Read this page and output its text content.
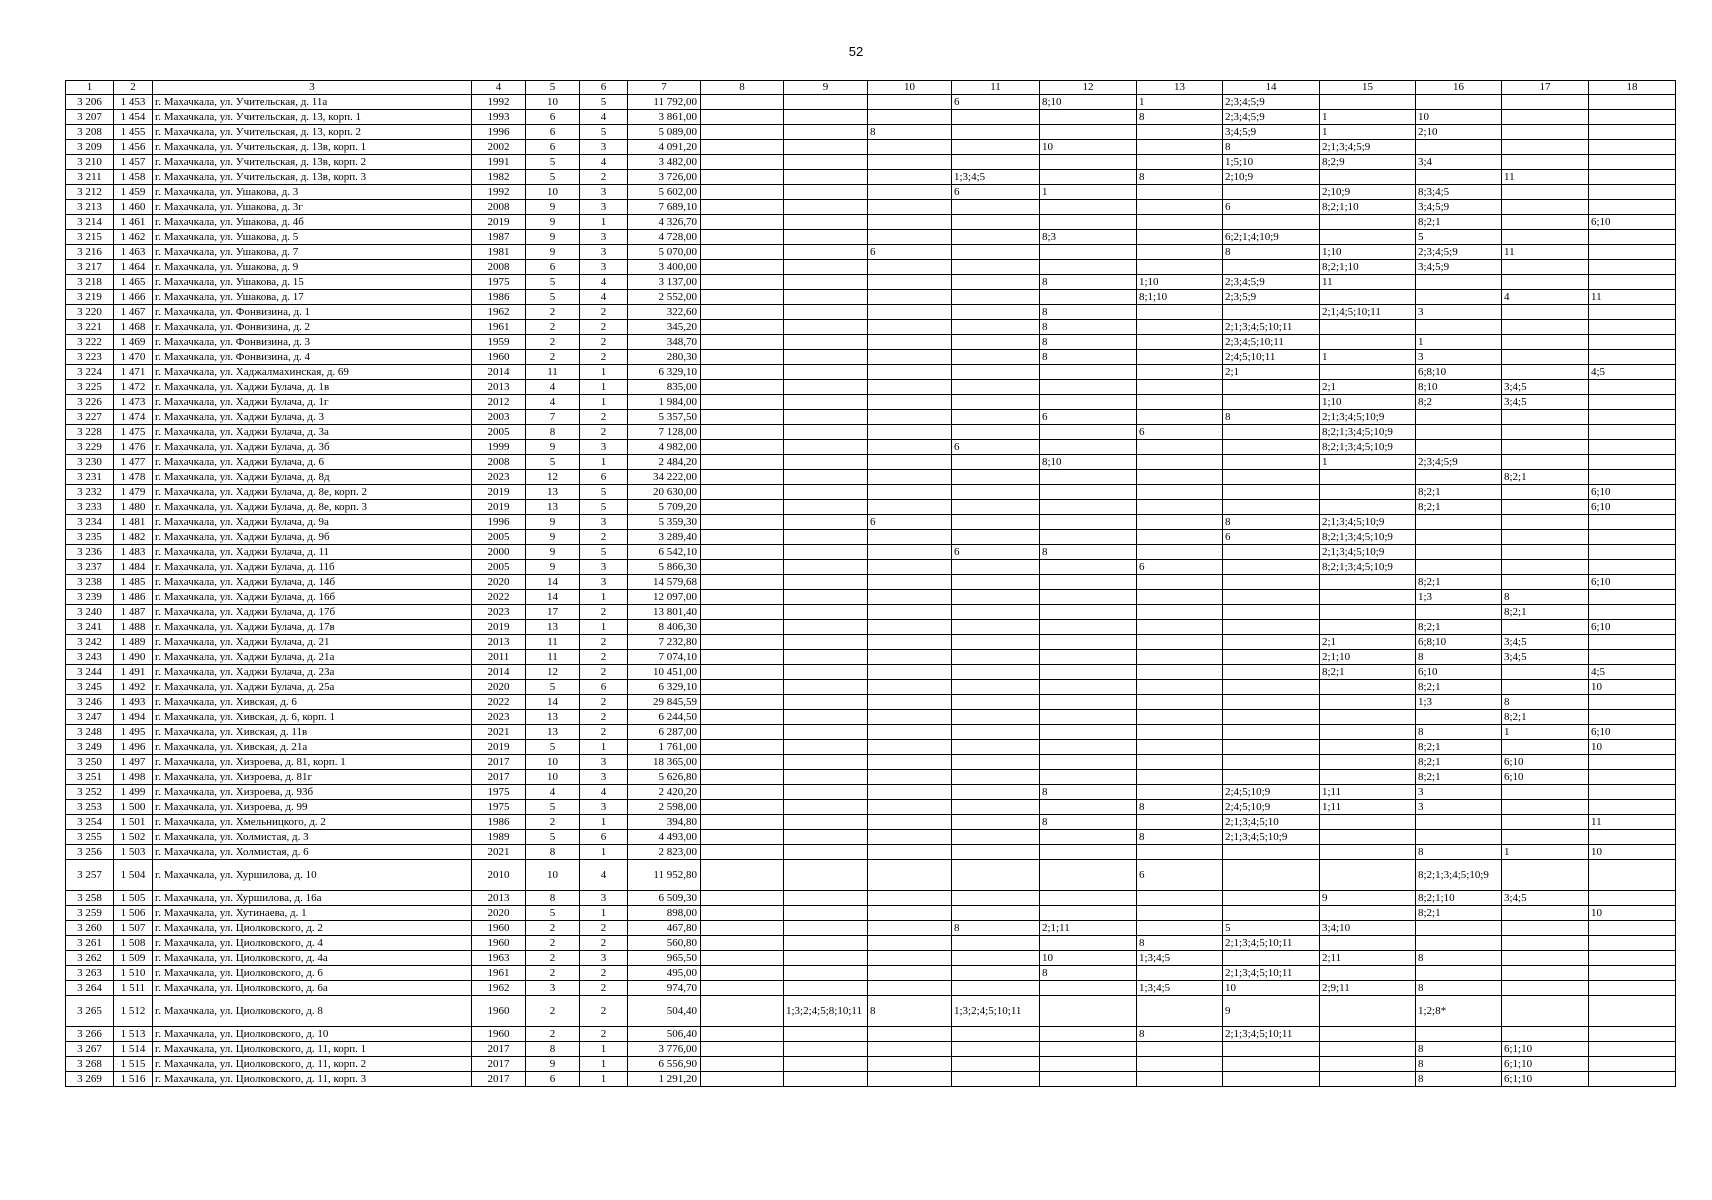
52
1	2	3	4	5	6	7	8	9	10	11	12	13	14	15	16	17	18
3 206	1 453	г. Махачкала, ул. Учительская, д. 11а	1992	10	5	11 792,00				6	8;10	1	2;3;4;5;9				
3 207	1 454	г. Махачкала, ул. Учительская, д. 13, корп. 1	1993	6	4	3 861,00						8	2;3;4;5;9	1	10		
3 208	1 455	г. Махачкала, ул. Учительская, д. 13, корп. 2	1996	6	5	5 089,00			8				3;4;5;9	1	2;10		
3 209	1 456	г. Махачкала, ул. Учительская, д. 13в, корп. 1	2002	6	3	4 091,20					10		8	2;1;3;4;5;9			
3 210	1 457	г. Махачкала, ул. Учительская, д. 13в, корп. 2	1991	5	4	3 482,00							1;5;10	8;2;9	3;4		
3 211	1 458	г. Махачкала, ул. Учительская, д. 13в, корп. 3	1982	5	2	3 726,00				1;3;4;5		8	2;10;9			11	
3 212	1 459	г. Махачкала, ул. Ушакова, д. 3	1992	10	3	5 602,00				6	1			2;10;9	8;3;4;5		
3 213	1 460	г. Махачкала, ул. Ушакова, д. 3г	2008	9	3	7 689,10							6	8;2;1;10	3;4;5;9		
3 214	1 461	г. Махачкала, ул. Ушакова, д. 4б	2019	9	1	4 326,70									8;2;1		6;10
3 215	1 462	г. Махачкала, ул. Ушакова, д. 5	1987	9	3	4 728,00					8;3		6;2;1;4;10;9		5		
3 216	1 463	г. Махачкала, ул. Ушакова, д. 7	1981	9	3	5 070,00			6				8	1;10	2;3;4;5;9	11	
3 217	1 464	г. Махачкала, ул. Ушакова, д. 9	2008	6	3	3 400,00								8;2;1;10	3;4;5;9		
3 218	1 465	г. Махачкала, ул. Ушакова, д. 15	1975	5	4	3 137,00					8	1;10	2;3;4;5;9	11			
3 219	1 466	г. Махачкала, ул. Ушакова, д. 17	1986	5	4	2 552,00						8;1;10	2;3;5;9			4	11
3 220	1 467	г. Махачкала, ул. Фонвизина, д. 1	1962	2	2	322,60					8			2;1;4;5;10;11	3		
3 221	1 468	г. Махачкала, ул. Фонвизина, д. 2	1961	2	2	345,20					8		2;1;3;4;5;10;11				
3 222	1 469	г. Махачкала, ул. Фонвизина, д. 3	1959	2	2	348,70					8		2;3;4;5;10;11		1		
3 223	1 470	г. Махачкала, ул. Фонвизина, д. 4	1960	2	2	280,30					8		2;4;5;10;11	1	3		
3 224	1 471	г. Махачкала, ул. Хаджалмахинская, д. 69	2014	11	1	6 329,10							2;1		6;8;10		4;5
3 225	1 472	г. Махачкала, ул. Хаджи Булача, д. 1в	2013	4	1	835,00								2;1	8;10	3;4;5	
3 226	1 473	г. Махачкала, ул. Хаджи Булача, д. 1г	2012	4	1	1 984,00								1;10	8;2	3;4;5	
3 227	1 474	г. Махачкала, ул. Хаджи Булача, д. 3	2003	7	2	5 357,50					6		8	2;1;3;4;5;10;9			
3 228	1 475	г. Махачкала, ул. Хаджи Булача, д. 3а	2005	8	2	7 128,00						6		8;2;1;3;4;5;10;9			
3 229	1 476	г. Махачкала, ул. Хаджи Булача, д. 3б	1999	9	3	4 982,00				6				8;2;1;3;4;5;10;9			
3 230	1 477	г. Махачкала, ул. Хаджи Булача, д. 6	2008	5	1	2 484,20					8;10			1	2;3;4;5;9		
3 231	1 478	г. Махачкала, ул. Хаджи Булача, д. 8д	2023	12	6	34 222,00										8;2;1	
3 232	1 479	г. Махачкала, ул. Хаджи Булача, д. 8е, корп. 2	2019	13	5	20 630,00									8;2;1		6;10
3 233	1 480	г. Махачкала, ул. Хаджи Булача, д. 8е, корп. 3	2019	13	5	5 709,20									8;2;1		6;10
3 234	1 481	г. Махачкала, ул. Хаджи Булача, д. 9а	1996	9	3	5 359,30			6				8	2;1;3;4;5;10;9			
3 235	1 482	г. Махачкала, ул. Хаджи Булача, д. 9б	2005	9	2	3 289,40							6	8;2;1;3;4;5;10;9			
3 236	1 483	г. Махачкала, ул. Хаджи Булача, д. 11	2000	9	5	6 542,10				6	8			2;1;3;4;5;10;9			
3 237	1 484	г. Махачкала, ул. Хаджи Булача, д. 11б	2005	9	3	5 866,30						6		8;2;1;3;4;5;10;9			
3 238	1 485	г. Махачкала, ул. Хаджи Булача, д. 14б	2020	14	3	14 579,68									8;2;1		6;10
3 239	1 486	г. Махачкала, ул. Хаджи Булача, д. 16б	2022	14	1	12 097,00									1;3	8	
3 240	1 487	г. Махачкала, ул. Хаджи Булача, д. 17б	2023	17	2	13 801,40										8;2;1	
3 241	1 488	г. Махачкала, ул. Хаджи Булача, д. 17в	2019	13	1	8 406,30									8;2;1		6;10
3 242	1 489	г. Махачкала, ул. Хаджи Булача, д. 21	2013	11	2	7 232,80								2;1	6;8;10	3;4;5	
3 243	1 490	г. Махачкала, ул. Хаджи Булача, д. 21а	2011	11	2	7 074,10								2;1;10	8	3;4;5	
3 244	1 491	г. Махачкала, ул. Хаджи Булача, д. 23а	2014	12	2	10 451,00								8;2;1	6;10		4;5
3 245	1 492	г. Махачкала, ул. Хаджи Булача, д. 25а	2020	5	6	6 329,10									8;2;1		10
3 246	1 493	г. Махачкала, ул. Хивская, д. 6	2022	14	2	29 845,59									1;3	8	
3 247	1 494	г. Махачкала, ул. Хивская, д. 6, корп. 1	2023	13	2	6 244,50										8;2;1	
3 248	1 495	г. Махачкала, ул. Хивская, д. 11в	2021	13	2	6 287,00									8	1	6;10
3 249	1 496	г. Махачкала, ул. Хивская, д. 21а	2019	5	1	1 761,00									8;2;1		10
3 250	1 497	г. Махачкала, ул. Хизроева, д. 81, корп. 1	2017	10	3	18 365,00									8;2;1	6;10	
3 251	1 498	г. Махачкала, ул. Хизроева, д. 81г	2017	10	3	5 626,80									8;2;1	6;10	
3 252	1 499	г. Махачкала, ул. Хизроева, д. 93б	1975	4	4	2 420,20					8		2;4;5;10;9	1;11	3		
3 253	1 500	г. Махачкала, ул. Хизроева, д. 99	1975	5	3	2 598,00						8	2;4;5;10;9	1;11	3		
3 254	1 501	г. Махачкала, ул. Хмельницкого, д. 2	1986	2	1	394,80					8		2;1;3;4;5;10				11
3 255	1 502	г. Махачкала, ул. Холмистая, д. 3	1989	5	6	4 493,00						8	2;1;3;4;5;10;9				
3 256	1 503	г. Махачкала, ул. Холмистая, д. 6	2021	8	1	2 823,00									8	1	10
3 257	1 504	г. Махачкала, ул. Хуршилова, д. 10	2010	10	4	11 952,80						6			8;2;1;3;4;5;10;9		
3 258	1 505	г. Махачкала, ул. Хуршилова, д. 16а	2013	8	3	6 509,30								9	8;2;1;10	3;4;5	
3 259	1 506	г. Махачкала, ул. Хутинаева, д. 1	2020	5	1	898,00									8;2;1		10
3 260	1 507	г. Махачкала, ул. Циолковского, д. 2	1960	2	2	467,80				8	2;1;11		5	3;4;10			
3 261	1 508	г. Махачкала, ул. Циолковского, д. 4	1960	2	2	560,80						8	2;1;3;4;5;10;11				
3 262	1 509	г. Махачкала, ул. Циолковского, д. 4а	1963	2	3	965,50					10	1;3;4;5		2;11	8		
3 263	1 510	г. Махачкала, ул. Циолковского, д. 6	1961	2	2	495,00					8		2;1;3;4;5;10;11				
3 264	1 511	г. Махачкала, ул. Циолковского, д. 6а	1962	3	2	974,70						1;3;4;5	10	2;9;11	8		
3 265	1 512	г. Махачкала, ул. Циолковского, д. 8	1960	2	2	504,40		1;3;2;4;5;8;10;11	8	1;3;2;4;5;10;11			9		1;2;8*		
3 266	1 513	г. Махачкала, ул. Циолковского, д. 10	1960	2	2	506,40						8	2;1;3;4;5;10;11				
3 267	1 514	г. Махачкала, ул. Циолковского, д. 11, корп. 1	2017	8	1	3 776,00									8	6;1;10	
3 268	1 515	г. Махачкала, ул. Циолковского, д. 11, корп. 2	2017	9	1	6 556,90									8	6;1;10	
3 269	1 516	г. Махачкала, ул. Циолковского, д. 11, корп. 3	2017	6	1	1 291,20									8	6;1;10	
